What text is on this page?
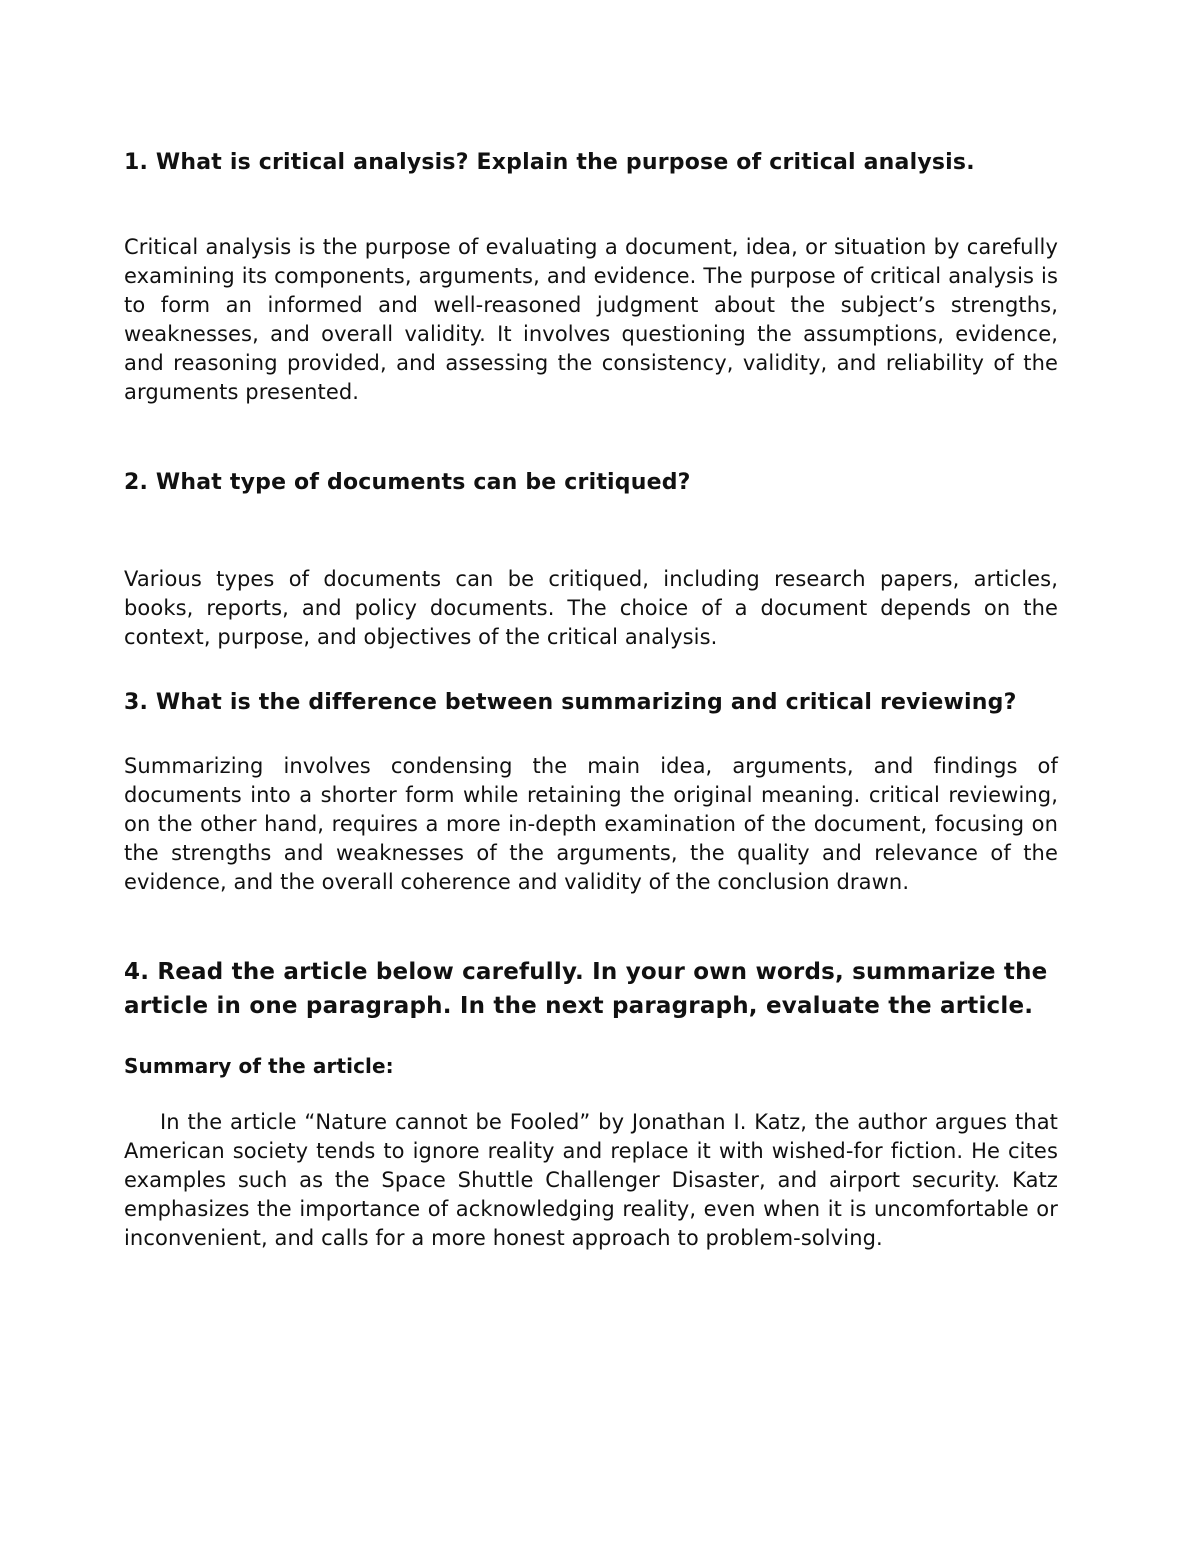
1. What is critical analysis? Explain the purpose of critical analysis.

Critical analysis is the purpose of evaluating a document, idea, or situation by carefully examining its components, arguments, and evidence. The purpose of critical analysis is to form an informed and well-reasoned judgment about the subject’s strengths, weaknesses, and overall validity. It involves questioning the assumptions, evidence, and reasoning provided, and assessing the consistency, validity, and reliability of the arguments presented.

2. What type of documents can be critiqued?

Various types of documents can be critiqued, including research papers, articles, books, reports, and policy documents. The choice of a document depends on the context, purpose, and objectives of the critical analysis.

3. What is the difference between summarizing and critical reviewing?

Summarizing involves condensing the main idea, arguments, and findings of documents into a shorter form while retaining the original meaning. critical reviewing, on the other hand, requires a more in-depth examination of the document, focusing on the strengths and weaknesses of the arguments, the quality and relevance of the evidence, and the overall coherence and validity of the conclusion drawn.

4. Read the article below carefully. In your own words, summarize the article in one paragraph. In the next paragraph, evaluate the article.

Summary of the article:

In the article “Nature cannot be Fooled” by Jonathan I. Katz, the author argues that American society tends to ignore reality and replace it with wished-for fiction. He cites examples such as the Space Shuttle Challenger Disaster, and airport security. Katz emphasizes the importance of acknowledging reality, even when it is uncomfortable or inconvenient, and calls for a more honest approach to problem-solving.
